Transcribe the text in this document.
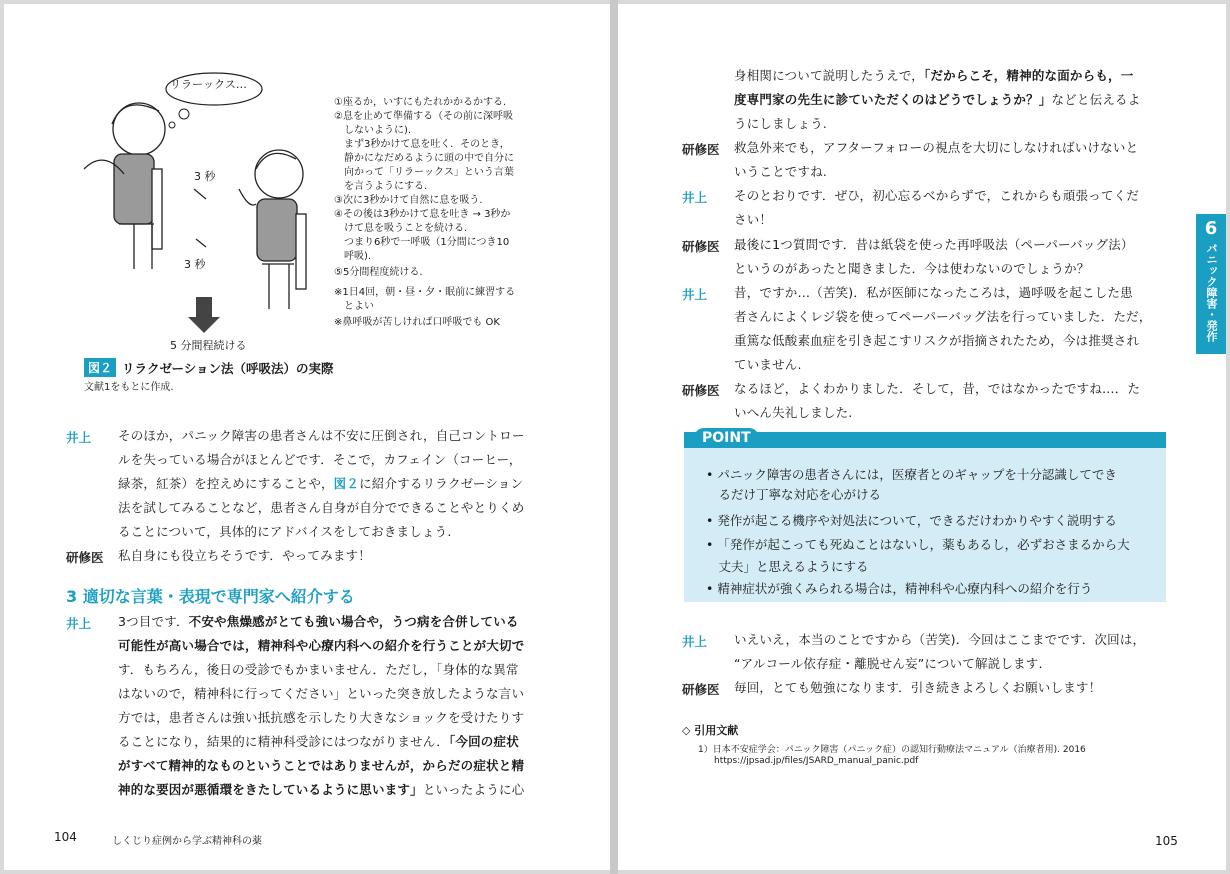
リラーックス…
3 秒
3 秒
5 分間程続ける
①座るか，いすにもたれかかるかする.
②息を止めて準備する（その前に深呼吸
　しないように).
　まず3秒かけて息を吐く．そのとき，
　静かになだめるように頭の中で自分に
　向かって「リラーックス」という言葉
　を言うようにする.
③次に3秒かけて自然に息を吸う.
④その後は3秒かけて息を吐き → 3秒か
　けて息を吸うことを続ける.
　つまり6秒で一呼吸（1分間につき10
　呼吸).
⑤5分間程度続ける.
※1日4回，朝・昼・夕・眠前に練習する
　とよい
※鼻呼吸が苦しければ口呼吸でも OK
図２ リラクゼーション法（呼吸法）の実際
文献1をもとに作成.
井上 そのほか，パニック障害の患者さんは不安に圧倒され，自己コントロー
ルを失っている場合がほとんどです．そこで，カフェイン（コーヒー，
緑茶，紅茶）を控えめにすることや，図２に紹介するリラクゼーション
法を試してみることなど，患者さん自身が自分でできることやとりくめ
ることについて，具体的にアドバイスをしておきましょう.
研修医 私自身にも役立ちそうです．やってみます！
3 適切な言葉・表現で専門家へ紹介する
井上 3つ目です．不安や焦燥感がとても強い場合や，うつ病を合併している
可能性が高い場合では，精神科や心療内科への紹介を行うことが大切で
す．もちろん，後日の受診でもかまいません．ただし，「身体的な異常
はないので，精神科に行ってください」といった突き放したような言い
方では，患者さんは強い抵抗感を示したり大きなショックを受けたりす
ることになり，結果的に精神科受診にはつながりません．「今回の症状
がすべて精神的なものということではありませんが，からだの症状と精
神的な要因が悪循環をきたしているように思います」といったように心
104	しくじり症例から学ぶ精神科の薬
身相関について説明したうえで，「だからこそ，精神的な面からも，一
度専門家の先生に診ていただくのはどうでしょうか？」などと伝えるよ
うにしましょう.
研修医 救急外来でも，アフターフォローの視点を大切にしなければいけないと
いうことですね.
井上 そのとおりです．ぜひ，初心忘るべからずで，これからも頑張ってくだ
さい！
研修医 最後に1つ質問です．昔は紙袋を使った再呼吸法（ペーパーバッグ法）
というのがあったと聞きました．今は使わないのでしょうか？
井上 昔，ですか…（苦笑)．私が医師になったころは，過呼吸を起こした患
者さんによくレジ袋を使ってペーパーバッグ法を行っていました．ただ，
重篤な低酸素血症を引き起こすリスクが指摘されたため，今は推奨され
ていません.
研修医 なるほど，よくわかりました．そして，昔，ではなかったですね…．た
いへん失礼しました.
POINT
• パニック障害の患者さんには，医療者とのギャップを十分認識してでき
　るだけ丁寧な対応を心がける
• 発作が起こる機序や対処法について，できるだけわかりやすく説明する
• 「発作が起こっても死ぬことはないし，薬もあるし，必ずおさまるから大
　丈夫」と思えるようにする
• 精神症状が強くみられる場合は，精神科や心療内科への紹介を行う
井上 いえいえ，本当のことですから（苦笑)．今回はここまでです．次回は，
“アルコール依存症・離脱せん妄”について解説します.
研修医 毎回，とても勉強になります．引き続きよろしくお願いします！
◇ 引用文献
1）日本不安症学会：パニック障害（パニック症）の認知行動療法マニュアル（治療者用). 2016
https://jpsad.jp/files/JSARD_manual_panic.pdf
6
パニック障害・発作
105
